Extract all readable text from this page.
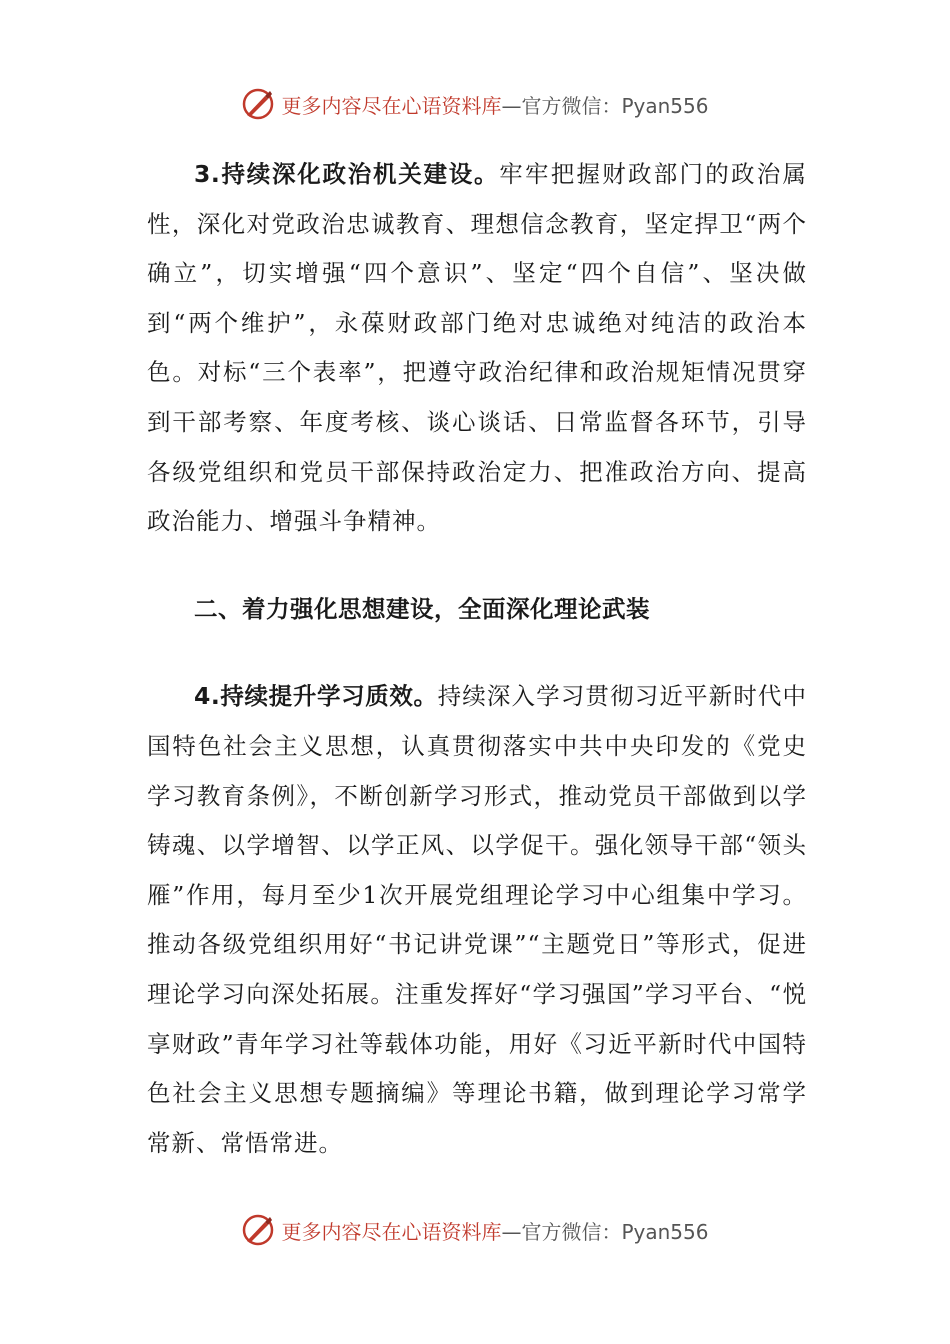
更多内容尽在心语资料库—官方微信：Pyan556

3.持续深化政治机关建设。牢牢把握财政部门的政治属性，深化对党政治忠诚教育、理想信念教育，坚定捍卫“两个确立”，切实增强“四个意识”、坚定“四个自信”、坚决做到“两个维护”，永葆财政部门绝对忠诚绝对纯洁的政治本色。对标“三个表率”，把遵守政治纪律和政治规矩情况贯穿到干部考察、年度考核、谈心谈话、日常监督各环节，引导各级党组织和党员干部保持政治定力、把准政治方向、提高政治能力、增强斗争精神。

二、着力强化思想建设，全面深化理论武装

4.持续提升学习质效。持续深入学习贯彻习近平新时代中国特色社会主义思想，认真贯彻落实中共中央印发的《党史学习教育条例》，不断创新学习形式，推动党员干部做到以学铸魂、以学增智、以学正风、以学促干。强化领导干部“领头雁”作用，每月至少1次开展党组理论学习中心组集中学习。推动各级党组织用好“书记讲党课”“主题党日”等形式，促进理论学习向深处拓展。注重发挥好“学习强国”学习平台、“悦享财政”青年学习社等载体功能，用好《习近平新时代中国特色社会主义思想专题摘编》等理论书籍，做到理论学习常学常新、常悟常进。

更多内容尽在心语资料库—官方微信：Pyan556
